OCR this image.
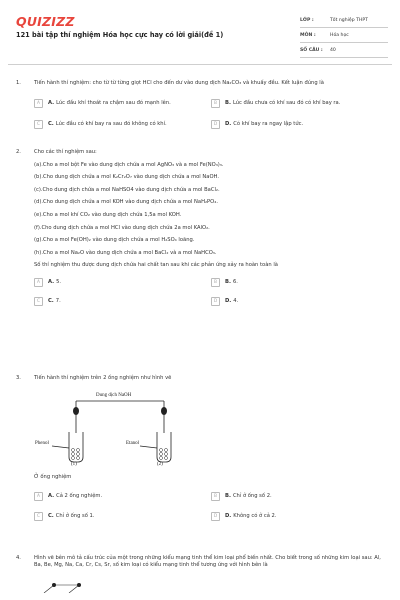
QUIZIZZ
121 bài tập thí nghiệm Hóa học cực hay có lời giải(đề 1)
LỚP :	Tốt nghiệp THPT
MÔN :	Hóa học
SỐ CÂU :	40
1.	Tiến hành thí nghiệm: cho từ từ từng giọt HCl cho đến dư vào dung dịch Na₂CO₃ và khuấy đều. Kết luận đúng là
A	A. Lúc đầu khí thoát ra chậm sau đó mạnh lên.	B	B. Lúc đầu chưa có khí sau đó có khí bay ra.
C	C. Lúc đầu có khí bay ra sau đó không có khí.	D	D. Có khí bay ra ngay lập tức.
2.	Cho các thí nghiệm sau:
(a).Cho a mol bột Fe vào dung dịch chứa a mol AgNO₃ và a mol Fe(NO₃)₃.
(b).Cho dung dịch chứa a mol K₂Cr₂O₇ vào dung dịch chứa a mol NaOH.
(c).Cho dung dịch chứa a mol NaHSO4 vào dung dịch chứa a mol BaCl₂.
(d).Cho dung dịch chứa a mol KOH vào dung dịch chứa a mol NaH₂PO₄.
(e).Cho a mol khí CO₂ vào dung dịch chứa 1,5a mol KOH.
(f).Cho dung dịch chứa a mol HCl vào dung dịch chứa 2a mol KAlO₂.
(g).Cho a mol Fe(OH)₂ vào dung dịch chứa a mol H₂SO₄ loãng.
(h).Cho a mol Na₂O vào dung dịch chứa a mol BaCl₂ và a mol NaHCO₃.
Số thí nghiệm thu được dung dịch chứa hai chất tan sau khi các phản ứng xảy ra hoàn toàn là
A	A. 5.	B	B. 6.
C	C. 7.	D	D. 4.
3.	Tiến hành thí nghiệm trên 2 ống nghiệm như hình vẽ
Dung dịch NaOH
Phenol	Etanol
(1)	(2)
Ở ống nghiệm
A	A. Cả 2 ống nghiệm.	B	B. Chỉ ở ống số 2.
C	C. Chỉ ở ống số 1.	D	D. Không có ở cả 2.
4.	Hình vẽ bên mô tả cấu trúc của một trong những kiểu mạng tinh thể kim loại phổ biến nhất. Cho biết trong số những kim loại sau: Al, Ba, Be, Mg, Na, Ca, Cr, Cs, Sr, số kim loại có kiểu mạng tinh thể tương ứng với hình bên là
